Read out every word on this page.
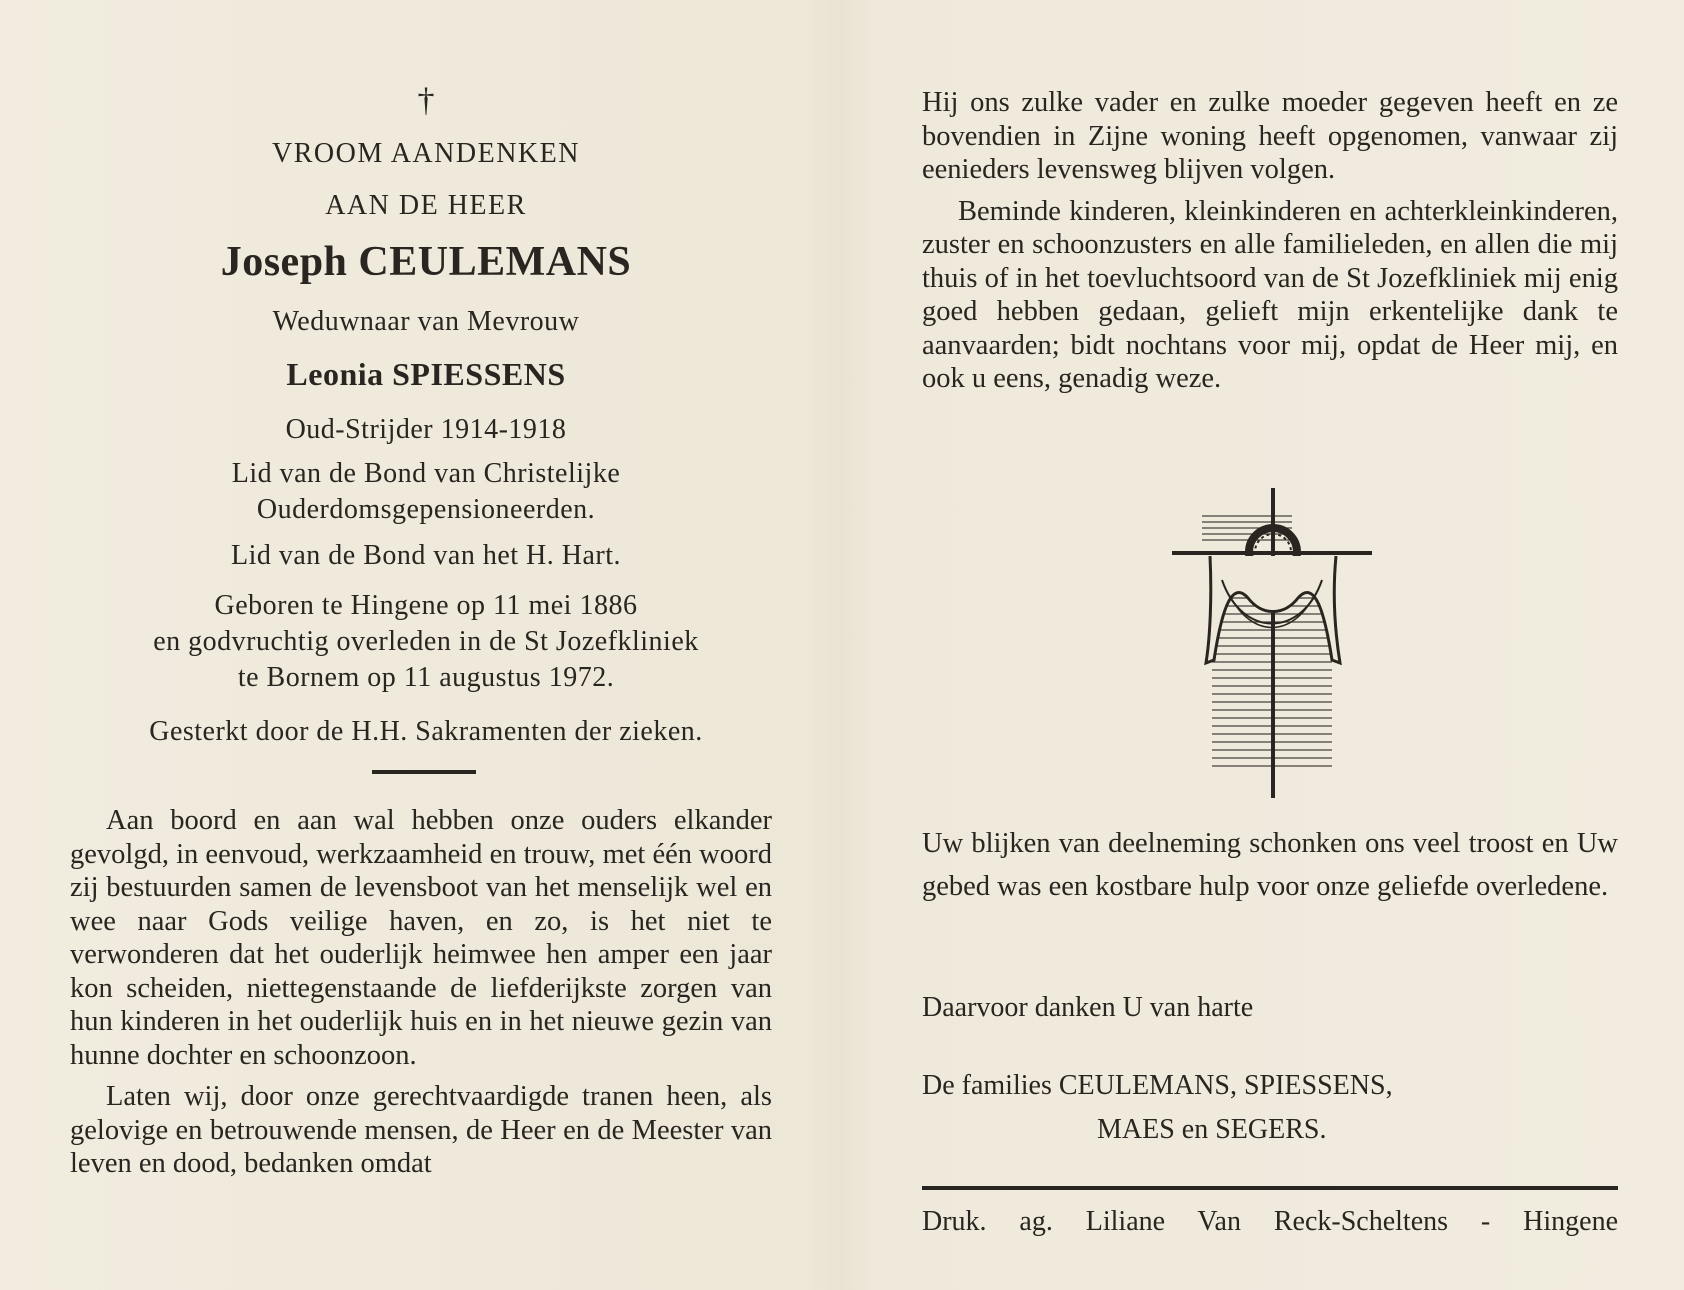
†
VROOM AANDENKEN
AAN DE HEER
Joseph CEULEMANS
Weduwnaar van Mevrouw
Leonia SPIESSENS
Oud-Strijder 1914-1918
Lid van de Bond van Christelijke
Ouderdomsgepensioneerden.
Lid van de Bond van het H. Hart.
Geboren te Hingene op 11 mei 1886
en godvruchtig overleden in de St Jozefkliniek
te Bornem op 11 augustus 1972.
Gesterkt door de H.H. Sakramenten der zieken.

Aan boord en aan wal hebben onze ouders elkander gevolgd, in eenvoud, werkzaamheid en trouw, met één woord zij bestuurden samen de levensboot van het menselijk wel en wee naar Gods veilige haven, en zo, is het niet te verwonderen dat het ouderlijk heimwee hen amper een jaar kon scheiden, niettegenstaande de liefderijkste zorgen van hun kinderen in het ouderlijk huis en in het nieuwe gezin van hunne dochter en schoonzoon.

Laten wij, door onze gerechtvaardigde tranen heen, als gelovige en betrouwende mensen, de Heer en de Meester van leven en dood, bedanken omdat

Hij ons zulke vader en zulke moeder gegeven heeft en ze bovendien in Zijne woning heeft opgenomen, vanwaar zij eenieders levensweg blijven volgen.

Beminde kinderen, kleinkinderen en achterkleinkinderen, zuster en schoonzusters en alle familieleden, en allen die mij thuis of in het toevluchtsoord van de St Jozefkliniek mij enig goed hebben gedaan, gelieft mijn erkentelijke dank te aanvaarden; bidt nochtans voor mij, opdat de Heer mij, en ook u eens, genadig weze.

Uw blijken van deelneming schonken ons veel troost en Uw gebed was een kostbare hulp voor onze geliefde overledene.
Daarvoor danken U van harte
De families CEULEMANS, SPIESSENS,
MAES en SEGERS.
Druk. ag. Liliane Van Reck-Scheltens - Hingene
